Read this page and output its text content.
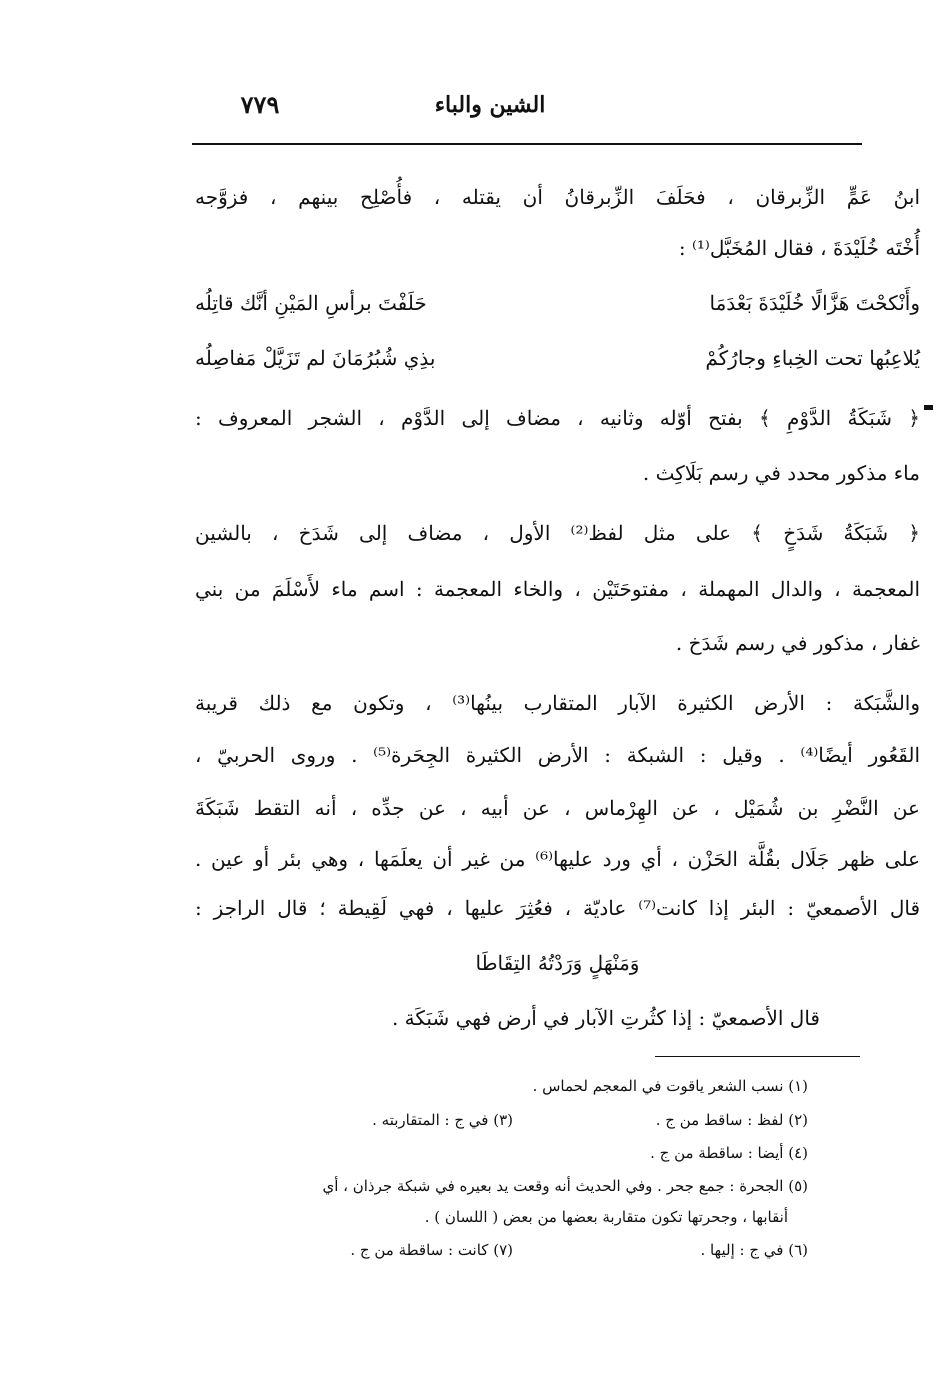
الشين والباء
٧٧٩
ابنُ عَمٍّ الزِّبرقان ، فحَلَفَ الزِّبرقانُ أن يقتله ، فأُصْلِح بينهم ، فزوَّجه
أُخْتَه خُلَيْدَةَ ، فقال المُخَبَّل⁽¹⁾ :
وأَنْكحْتَ هَزَّالًا خُلَيْدَةَ بَعْدَمَا
حَلَفْتَ برأسِ المَيْنِ أنَّك قاتِلُه
يُلاعِبُها تحت الخِباءِ وجارُكُمْ
بذِي شُبُرُمَانَ لم تَزَيَّلْ مَفاصِلُه
﴿ شَبَكَةُ الدَّوْمِ ﴾ بفتح أوّله وثانيه ، مضاف إلى الدَّوْم ، الشجر المعروف :
ماء مذكور محدد في رسم بَلَاكِث .
﴿ شَبَكَةُ شَدَخٍ ﴾ على مثل لفظ⁽²⁾ الأول ، مضاف إلى شَدَخ ، بالشين
المعجمة ، والدال المهملة ، مفتوحَتَيْن ، والخاء المعجمة : اسم ماء لأَسْلَمَ من بني
غفار ، مذكور في رسم شَدَخ .
والشَّبَكة : الأرض الكثيرة الآبار المتقارب بينُها⁽³⁾ ، وتكون مع ذلك قريبة
القَعُور أيضًا⁽⁴⁾ . وقيل : الشبكة : الأرض الكثيرة الجِحَرة⁽⁵⁾ . وروى الحربيّ ،
عن النَّضْرِ بن شُمَيْل ، عن الهِرْماس ، عن أبيه ، عن جدِّه ، أنه التقط شَبَكَةَ
على ظهر جَلَال بقُلَّة الحَزْن ، أي ورد عليها⁽⁶⁾ من غير أن يعلَمَها ، وهي بئر أو عين .
قال الأصمعيّ : البئر إذا كانت⁽⁷⁾ عاديّة ، فعُثِرَ عليها ، فهي لَقِيطة ؛ قال الراجز :
وَمَنْهَلٍ وَرَدْتُهُ التِقَاطَا
قال الأصمعيّ : إذا كثُرتِ الآبار في أرض فهي شَبَكَة .
(١) نسب الشعر ياقوت في المعجم لحماس .
(٢) لفظ : ساقط من ج .
(٣) في ج : المتقاربته .
(٤) أيضا : ساقطة من ج .
(٥) الجحرة : جمع جحر . وفي الحديث أنه وقعت يد بعيره في شبكة جرذان ، أي
أنقابها ، وجحرتها تكون متقاربة بعضها من بعض ( اللسان ) .
(٦) في ج : إليها .
(٧) كانت : ساقطة من ج .
